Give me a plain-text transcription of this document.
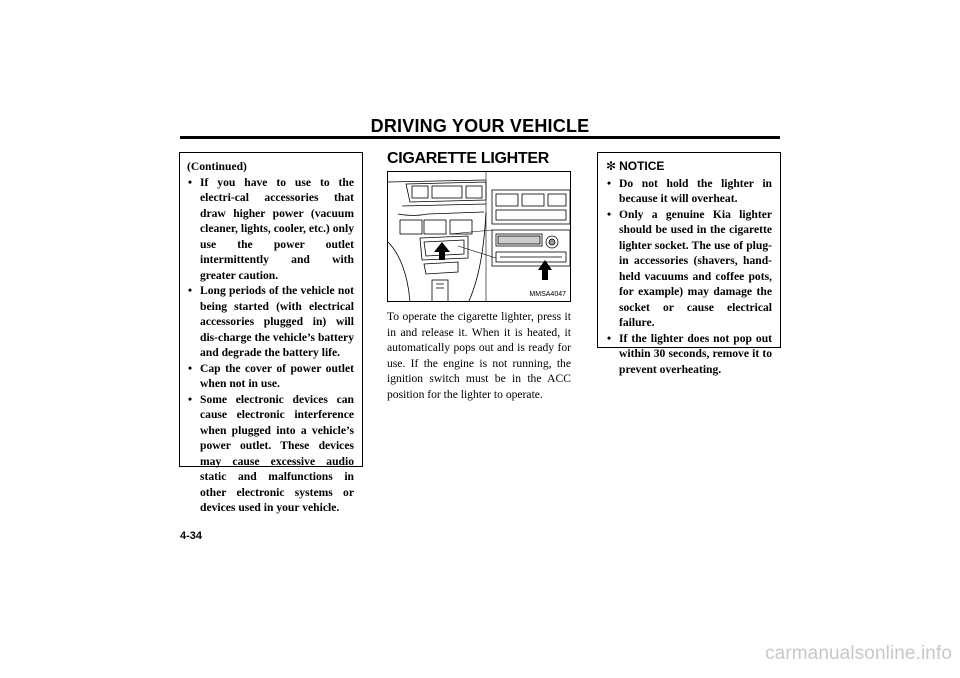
DRIVING YOUR VEHICLE
(Continued)
• If you have to use to the electri-cal accessories that draw higher power (vacuum cleaner, lights, cooler, etc.) only use the power outlet intermittently and with greater caution.
• Long periods of the vehicle not being started (with electrical accessories plugged in) will dis-charge the vehicle’s battery and degrade the battery life.
• Cap the cover of power outlet when not in use.
• Some electronic devices can cause electronic interference when plugged into a vehicle’s power outlet. These devices may cause excessive audio static and malfunctions in other electronic systems or devices used in your vehicle.
CIGARETTE LIGHTER
MMSA4047
To operate the cigarette lighter, press it in and release it. When it is heated, it automatically pops out and is ready for use. If the engine is not running, the ignition switch must be in the ACC position for the lighter to operate.
✻ NOTICE
• Do not hold the lighter in because it will overheat.
• Only a genuine Kia lighter should be used in the cigarette lighter socket. The use of plug-in accessories (shavers, hand-held vacuums and coffee pots, for example) may damage the socket or cause electrical failure.
• If the lighter does not pop out within 30 seconds, remove it to prevent overheating.
4-34
carmanualsonline.info
